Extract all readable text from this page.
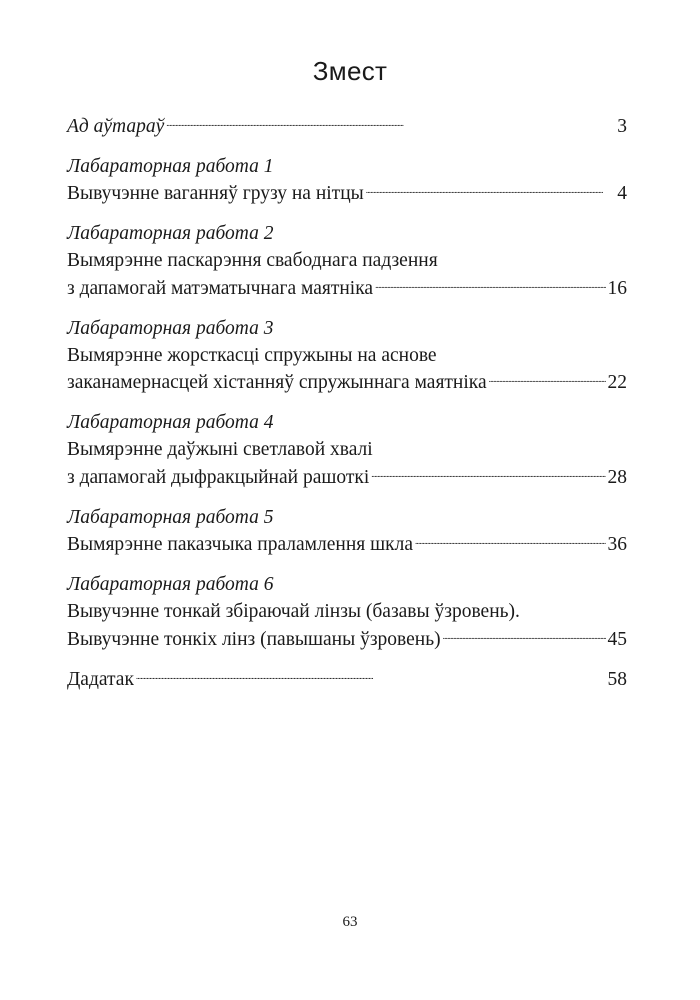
Змест
Ад аўтараў . . .	3
Лабараторная работа 1
Вывучэнне ваганняў грузу на нітцы . . .	4
Лабараторная работа 2
Вымярэнне паскарэння свабоднага падзення
з дапамогай матэматычнага маятніка . . .	16
Лабараторная работа 3
Вымярэнне жорсткасці спружыны на аснове
заканамернасцей хістанняў спружыннага маятніка . . .	22
Лабараторная работа 4
Вымярэнне даўжыні светлавой хвалі
з дапамогай дыфракцыйнай рашоткі . . .	28
Лабараторная работа 5
Вымярэнне паказчыка праламлення шкла . . .	36
Лабараторная работа 6
Вывучэнне тонкай збіраючай лінзы (базавы ўзровень).
Вывучэнне тонкіх лінз (павышаны ўзровень) . . .	45
Дадатак . . .	58
63
